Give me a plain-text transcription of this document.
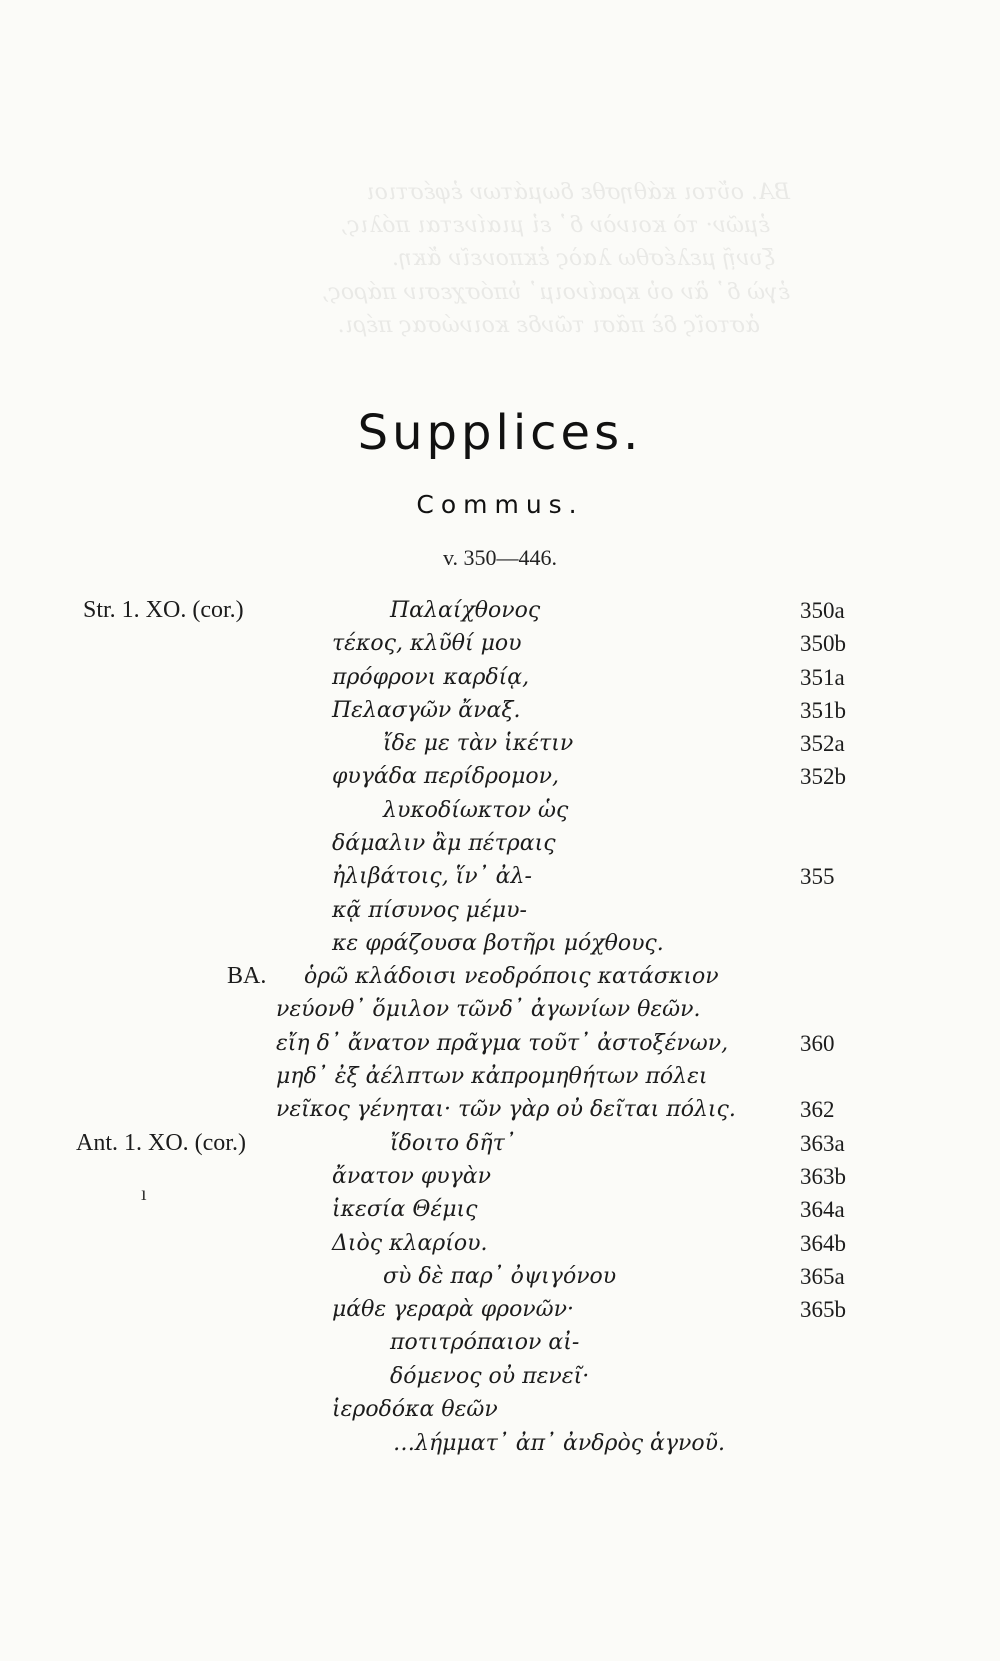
BA. οὔτοι κάθησθε δωμάτων ἐφέστιοι
ἐμῶν· τὸ κοινὸν δ᾽ εἰ μιαίνεται πόλις,
ξυνῇ μελέσθω λαὸς ἐκπονεῖν ἄκη.
ἐγὼ δ᾽ ἂν οὐ κραίνοιμ᾽ ὑπόσχεσιν πάρος,
ἀστοῖς δὲ πᾶσι τῶνδε κοινώσας πέρι.
Supplices.
Commus.
v. 350—446.
Str. 1. XO. (cor.)	Παλαίχθονος	350a
τέκος, κλῦθί μου	350b
πρόφρονι καρδίᾳ,	351a
Πελασγῶν ἄναξ.	351b
ἴδε με τὰν ἱκέτιν	352a
φυγάδα περίδρομον,	352b
λυκοδίωκτον ὡς
δάμαλιν ἂμ πέτραις
ἠλιβάτοις, ἵν᾽ ἀλ-	355
κᾷ πίσυνος μέμυ-
κε φράζουσα βοτῆρι μόχθους.
BA. ὁρῶ κλάδοισι νεοδρόποις κατάσκιον
νεύονθ᾽ ὅμιλον τῶνδ᾽ ἀγωνίων θεῶν.
εἴη δ᾽ ἄνατον πρᾶγμα τοῦτ᾽ ἀστοξένων,	360
μηδ᾽ ἐξ ἀέλπτων κἀπρομηθήτων πόλει
νεῖκος γένηται· τῶν γὰρ οὐ δεῖται πόλις.	362
Ant. 1. XO. (cor.)	ἴδοιτο δῆτ᾽	363a
ἄνατον φυγὰν	363b
ἱκεσία Θέμις	364a
Διὸς κλαρίου.	364b
σὺ δὲ παρ᾽ ὀψιγόνου	365a
μάθε γεραρὰ φρονῶν·	365b
ποτιτρόπαιον αἰ-
δόμενος οὐ πενεῖ·
ἱεροδόκα θεῶν
…λήμματ᾽ ἀπ᾽ ἀνδρὸς ἁγνοῦ.
ı
